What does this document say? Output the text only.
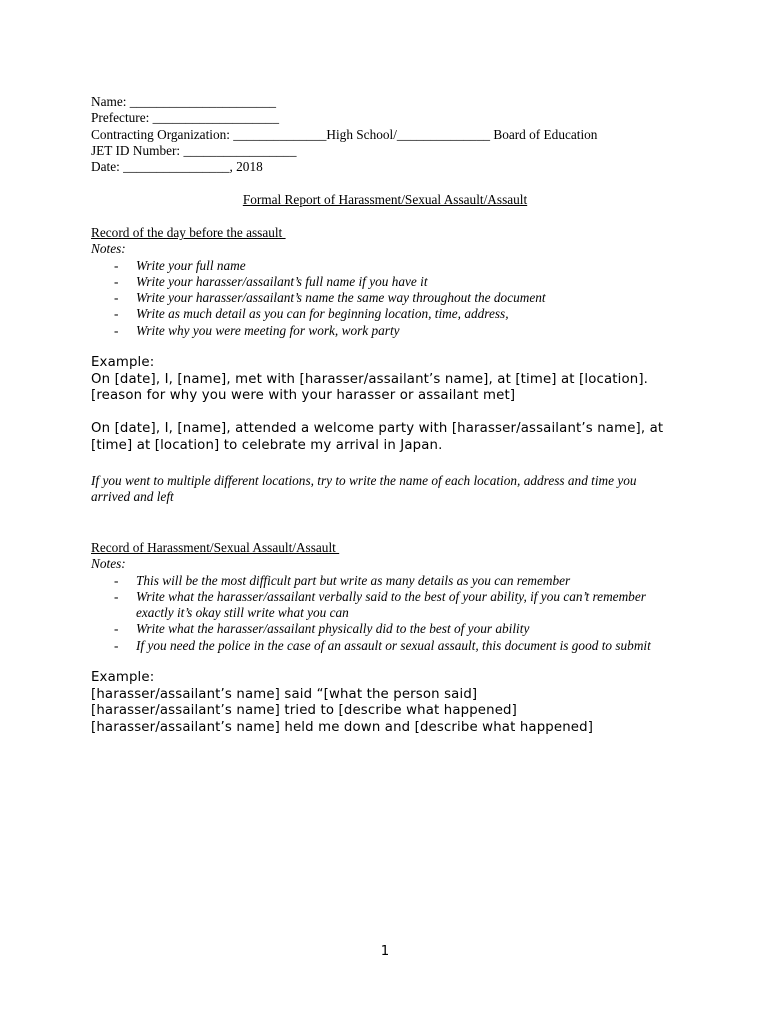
Name: ______________________
Prefecture: ___________________
Contracting Organization: ______________High School/______________ Board of Education
JET ID Number: _________________
Date: ________________, 2018
Formal Report of Harassment/Sexual Assault/Assault
Record of the day before the assault
Notes:
- Write your full name
- Write your harasser/assailant’s full name if you have it
- Write your harasser/assailant’s name the same way throughout the document
- Write as much detail as you can for beginning location, time, address,
- Write why you were meeting for work, work party
Example:
On [date], I, [name], met with [harasser/assailant’s name], at [time] at [location].
[reason for why you were with your harasser or assailant met]
On [date], I, [name], attended a welcome party with [harasser/assailant’s name], at
[time] at [location] to celebrate my arrival in Japan.
If you went to multiple different locations, try to write the name of each location, address and time you
arrived and left
Record of Harassment/Sexual Assault/Assault
Notes:
- This will be the most difficult part but write as many details as you can remember
- Write what the harasser/assailant verbally said to the best of your ability, if you can’t remember
exactly it’s okay still write what you can
- Write what the harasser/assailant physically did to the best of your ability
- If you need the police in the case of an assault or sexual assault, this document is good to submit
Example:
[harasser/assailant’s name] said “[what the person said]
[harasser/assailant’s name] tried to [describe what happened]
[harasser/assailant’s name] held me down and [describe what happened]
1
